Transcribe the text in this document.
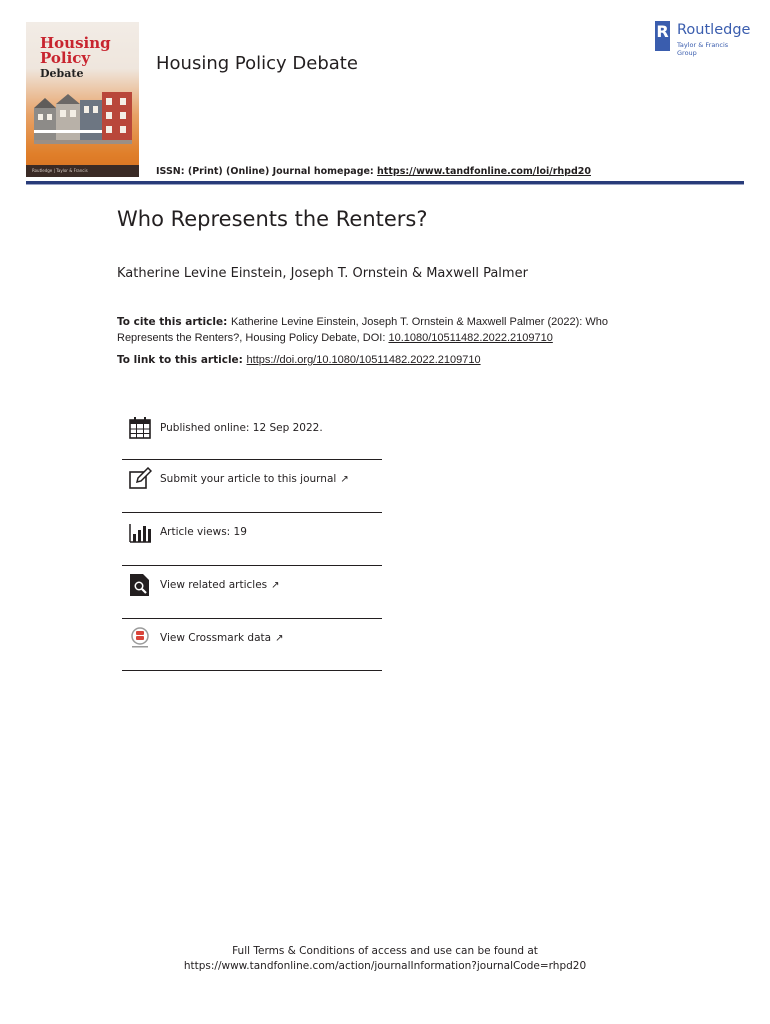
Housing
Policy
Debate
Routledge | Taylor & Francis
Housing Policy Debate
ISSN: (Print) (Online) Journal homepage: https://www.tandfonline.com/loi/rhpd20
R Routledge
Taylor & Francis Group
Who Represents the Renters?
Katherine Levine Einstein, Joseph T. Ornstein & Maxwell Palmer
To cite this article: Katherine Levine Einstein, Joseph T. Ornstein & Maxwell Palmer (2022): Who Represents the Renters?, Housing Policy Debate, DOI: 10.1080/10511482.2022.2109710
To link to this article: https://doi.org/10.1080/10511482.2022.2109710
Published online: 12 Sep 2022.
Submit your article to this journal ↗
Article views: 19
View related articles ↗
View Crossmark data ↗
Full Terms & Conditions of access and use can be found at
https://www.tandfonline.com/action/journalInformation?journalCode=rhpd20
